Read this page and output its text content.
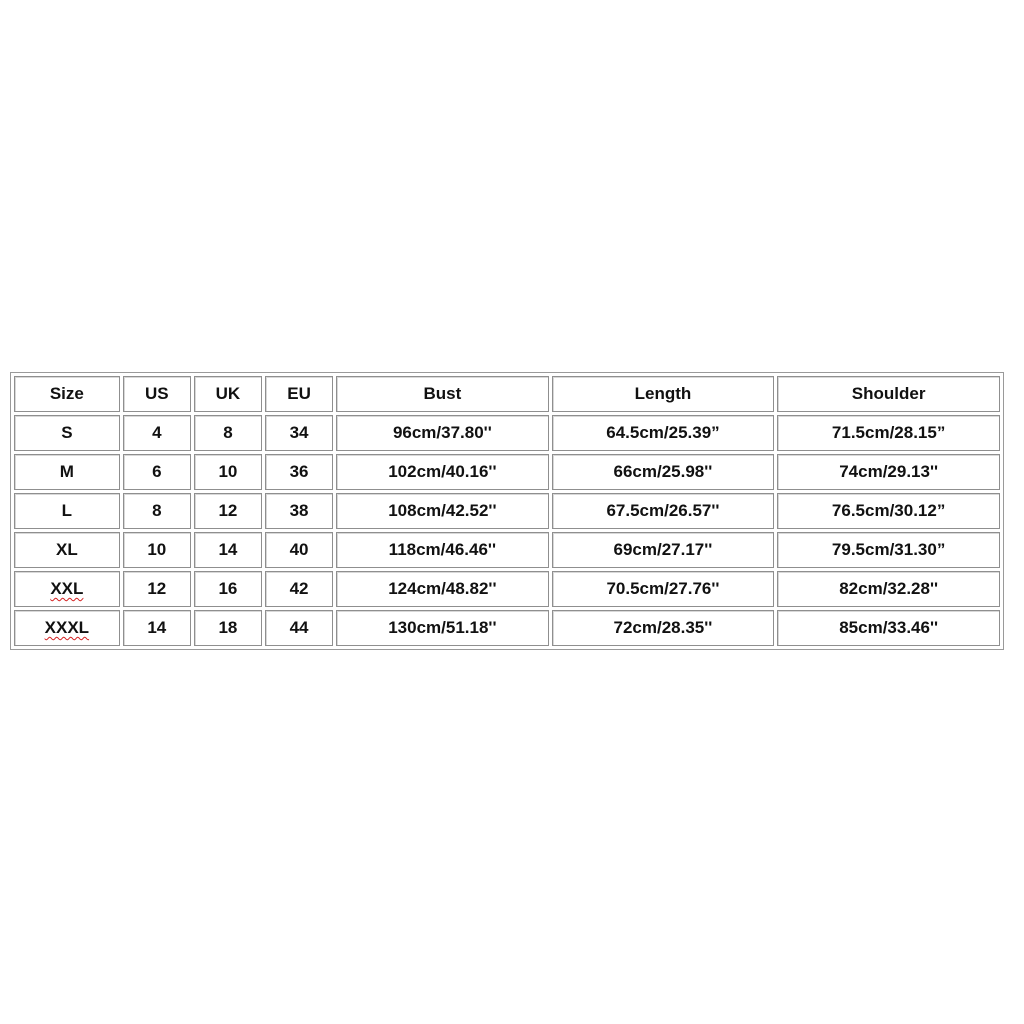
Size	US	UK	EU	Bust	Length	Shoulder
S	4	8	34	96cm/37.80''	64.5cm/25.39”	71.5cm/28.15”
M	6	10	36	102cm/40.16''	66cm/25.98''	74cm/29.13''
L	8	12	38	108cm/42.52''	67.5cm/26.57''	76.5cm/30.12”
XL	10	14	40	118cm/46.46''	69cm/27.17''	79.5cm/31.30”
XXL	12	16	42	124cm/48.82''	70.5cm/27.76''	82cm/32.28''
XXXL	14	18	44	130cm/51.18''	72cm/28.35''	85cm/33.46''
